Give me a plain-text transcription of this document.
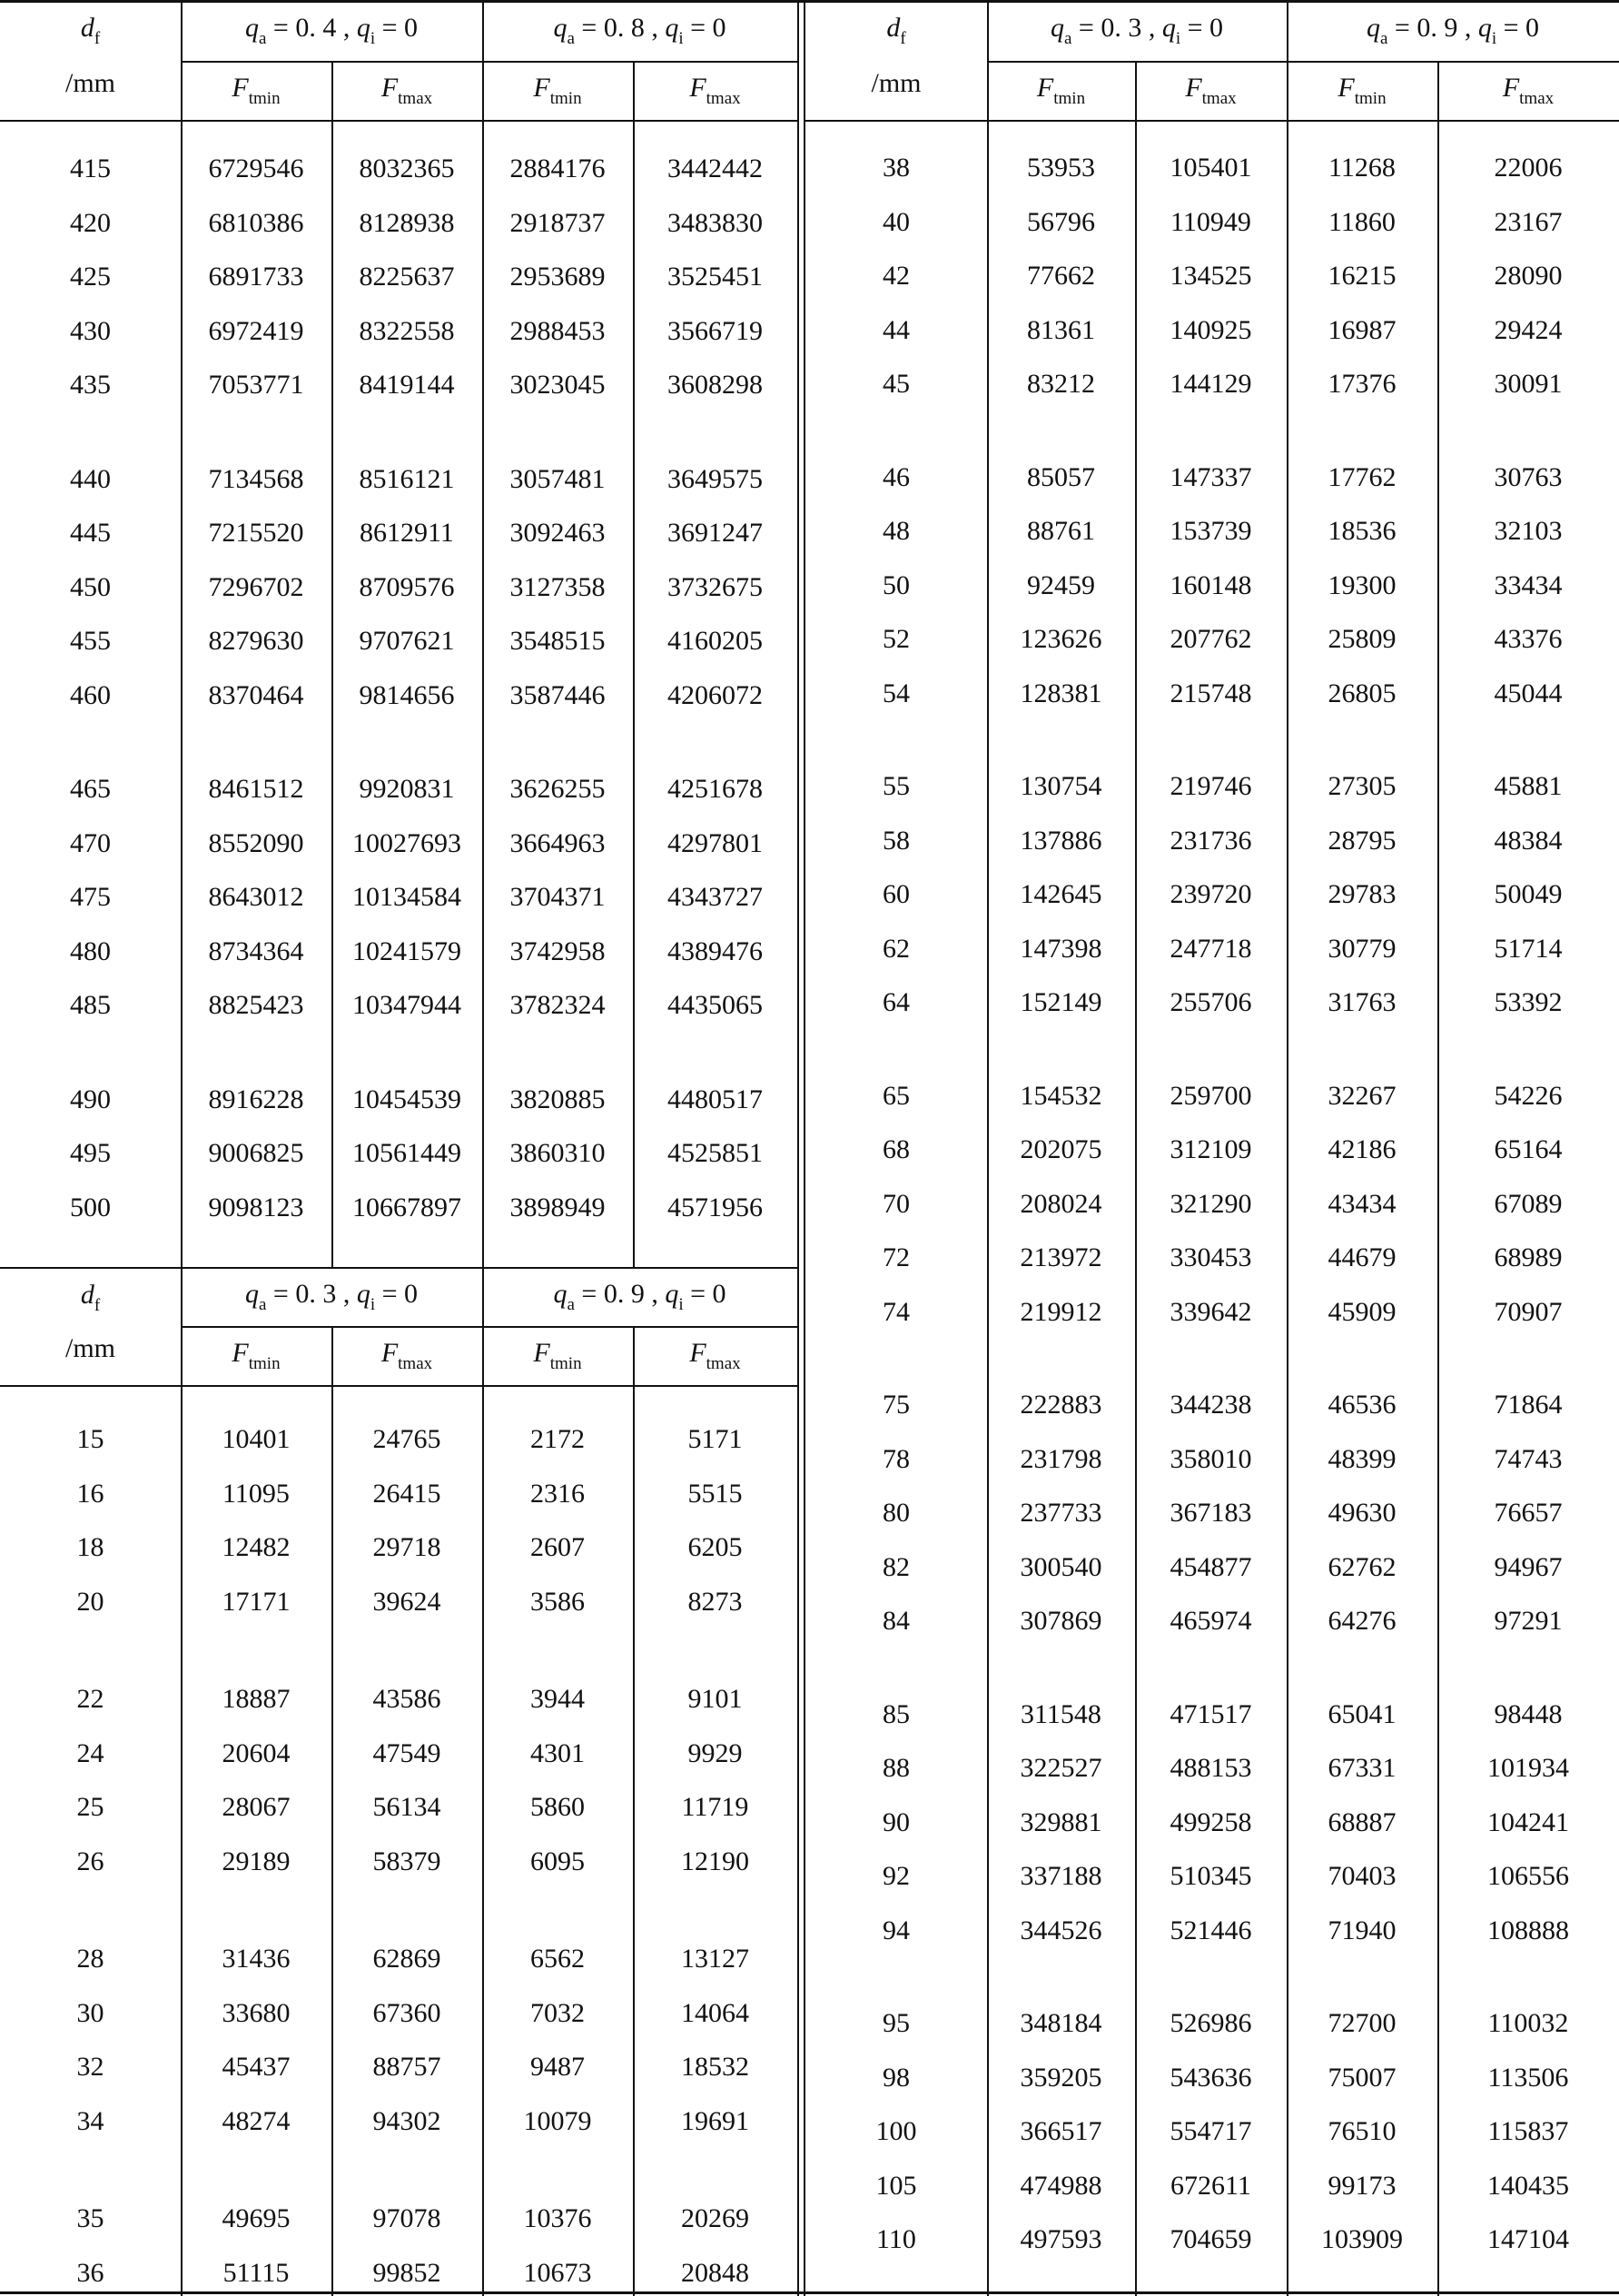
$d_f$
/mm
$q_a = 0$. 4 , $q_i = 0$	$q_a = 0$. 8 , $q_i = 0$
$F_{tmin}$	$F_{tmax}$	$F_{tmin}$	$F_{tmax}$
415	6729546	8032365	2884176	3442442
420	6810386	8128938	2918737	3483830
425	6891733	8225637	2953689	3525451
430	6972419	8322558	2988453	3566719
435	7053771	8419144	3023045	3608298
440	7134568	8516121	3057481	3649575
445	7215520	8612911	3092463	3691247
450	7296702	8709576	3127358	3732675
455	8279630	9707621	3548515	4160205
460	8370464	9814656	3587446	4206072
465	8461512	9920831	3626255	4251678
470	8552090	10027693	3664963	4297801
475	8643012	10134584	3704371	4343727
480	8734364	10241579	3742958	4389476
485	8825423	10347944	3782324	4435065
490	8916228	10454539	3820885	4480517
495	9006825	10561449	3860310	4525851
500	9098123	10667897	3898949	4571956
$d_f$
/mm
$q_a = 0$. 3 , $q_i = 0$	$q_a = 0$. 9 , $q_i = 0$
$F_{tmin}$	$F_{tmax}$	$F_{tmin}$	$F_{tmax}$
15	10401	24765	2172	5171
16	11095	26415	2316	5515
18	12482	29718	2607	6205
20	17171	39624	3586	8273
22	18887	43586	3944	9101
24	20604	47549	4301	9929
25	28067	56134	5860	11719
26	29189	58379	6095	12190
28	31436	62869	6562	13127
30	33680	67360	7032	14064
32	45437	88757	9487	18532
34	48274	94302	10079	19691
35	49695	97078	10376	20269
36	51115	99852	10673	20848
$d_f$
/mm
$q_a = 0$. 3 , $q_i = 0$	$q_a = 0$. 9 , $q_i = 0$
$F_{tmin}$	$F_{tmax}$	$F_{tmin}$	$F_{tmax}$
38	53953	105401	11268	22006
40	56796	110949	11860	23167
42	77662	134525	16215	28090
44	81361	140925	16987	29424
45	83212	144129	17376	30091
46	85057	147337	17762	30763
48	88761	153739	18536	32103
50	92459	160148	19300	33434
52	123626	207762	25809	43376
54	128381	215748	26805	45044
55	130754	219746	27305	45881
58	137886	231736	28795	48384
60	142645	239720	29783	50049
62	147398	247718	30779	51714
64	152149	255706	31763	53392
65	154532	259700	32267	54226
68	202075	312109	42186	65164
70	208024	321290	43434	67089
72	213972	330453	44679	68989
74	219912	339642	45909	70907
75	222883	344238	46536	71864
78	231798	358010	48399	74743
80	237733	367183	49630	76657
82	300540	454877	62762	94967
84	307869	465974	64276	97291
85	311548	471517	65041	98448
88	322527	488153	67331	101934
90	329881	499258	68887	104241
92	337188	510345	70403	106556
94	344526	521446	71940	108888
95	348184	526986	72700	110032
98	359205	543636	75007	113506
100	366517	554717	76510	115837
105	474988	672611	99173	140435
110	497593	704659	103909	147104
